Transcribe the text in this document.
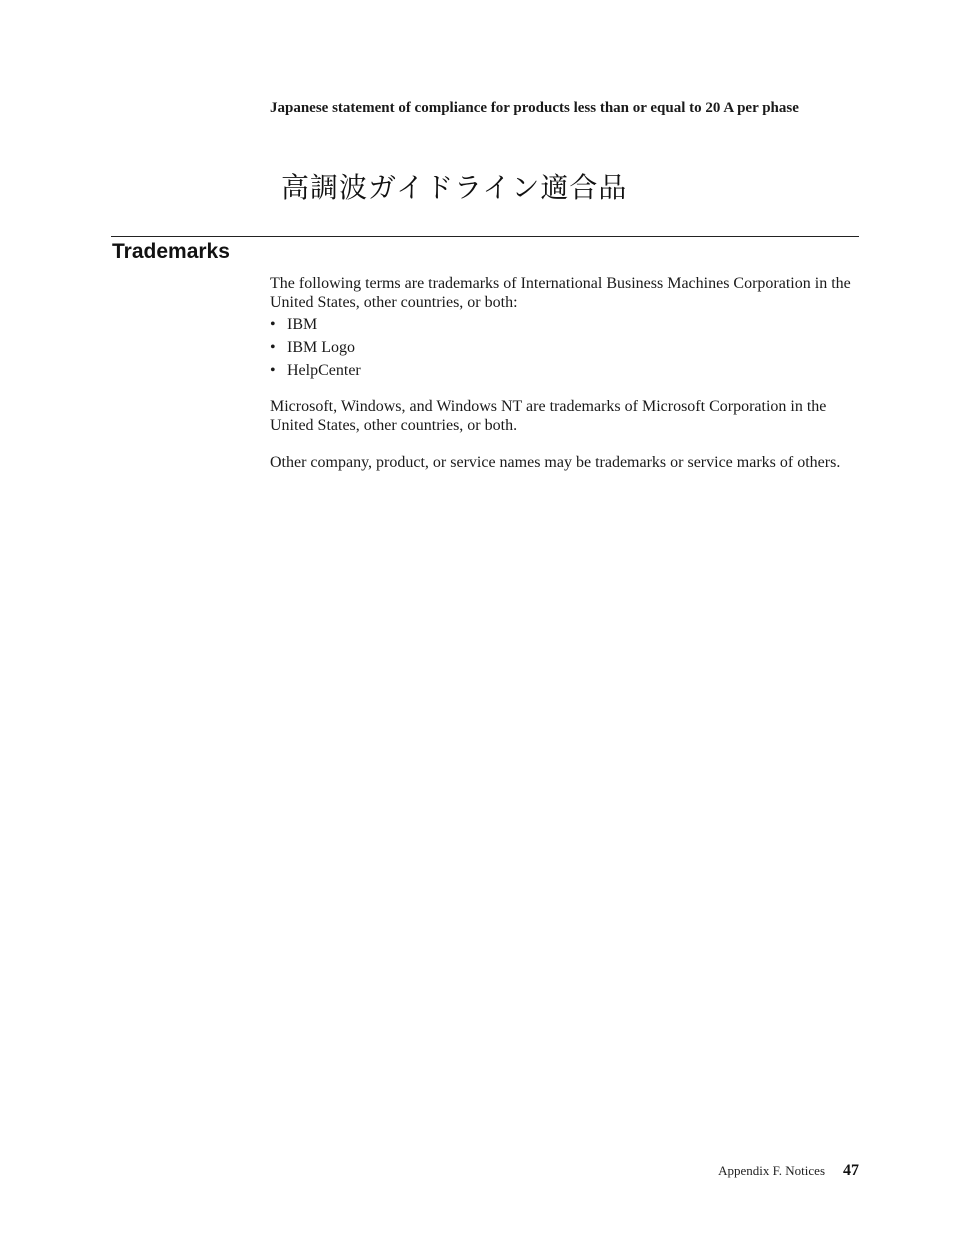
Japanese statement of compliance for products less than or equal to 20 A per phase
高調波ガイドライン適合品
Trademarks

The following terms are trademarks of International Business Machines Corporation in the United States, other countries, or both:

• IBM
• IBM Logo
• HelpCenter

Microsoft, Windows, and Windows NT are trademarks of Microsoft Corporation in the United States, other countries, or both.

Other company, product, or service names may be trademarks or service marks of others.

Appendix F. Notices 47
